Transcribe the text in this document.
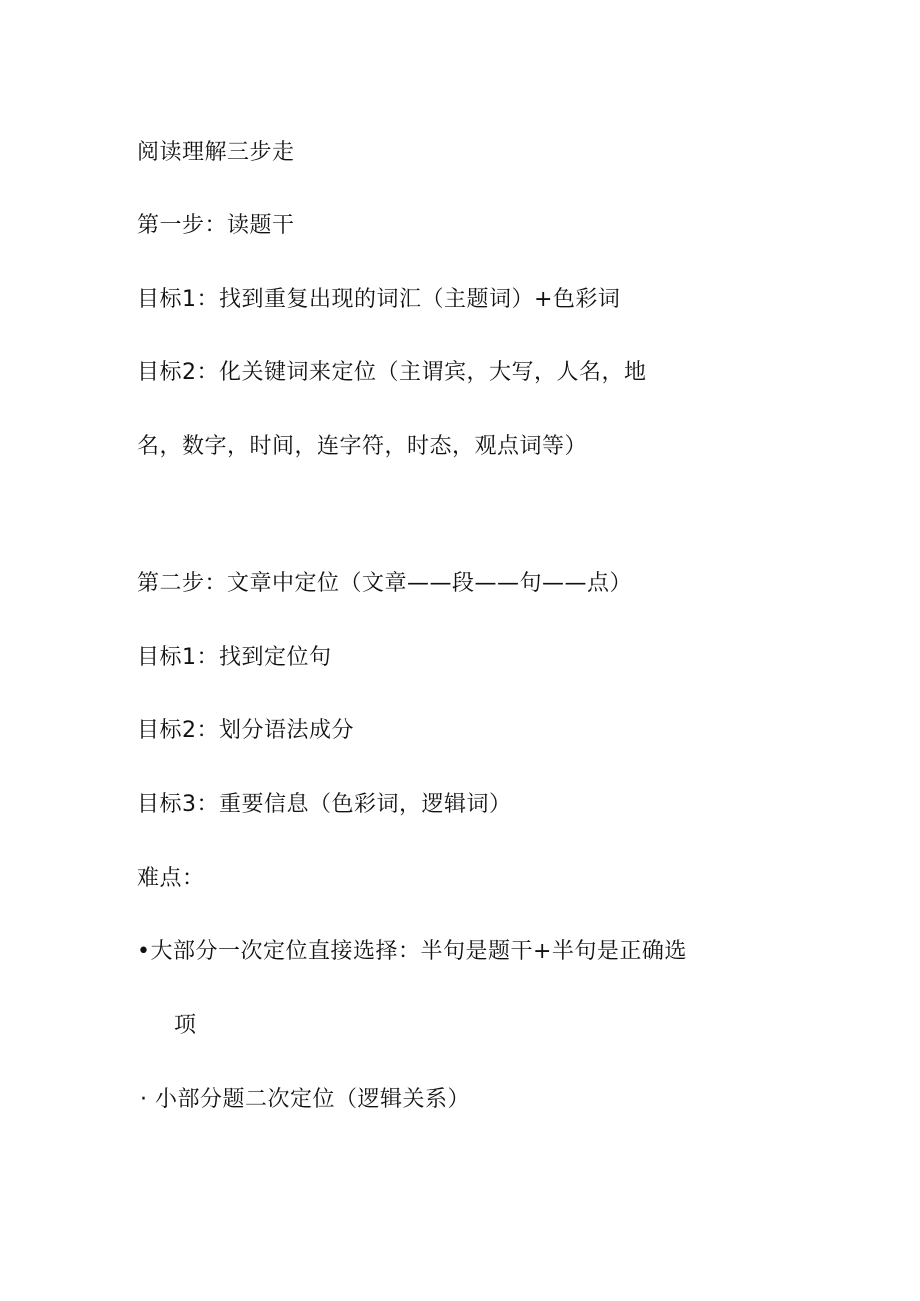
阅读理解三步走
第一步：读题干
目标1：找到重复出现的词汇（主题词）+色彩词
目标2：化关键词来定位（主谓宾，大写，人名，地
名，数字，时间，连字符，时态，观点词等）
第二步：文章中定位（文章——段——句——点）
目标1：找到定位句
目标2：划分语法成分
目标3：重要信息（色彩词，逻辑词）
难点：
•大部分一次定位直接选择：半句是题干+半句是正确选
项
· 小部分题二次定位（逻辑关系）
